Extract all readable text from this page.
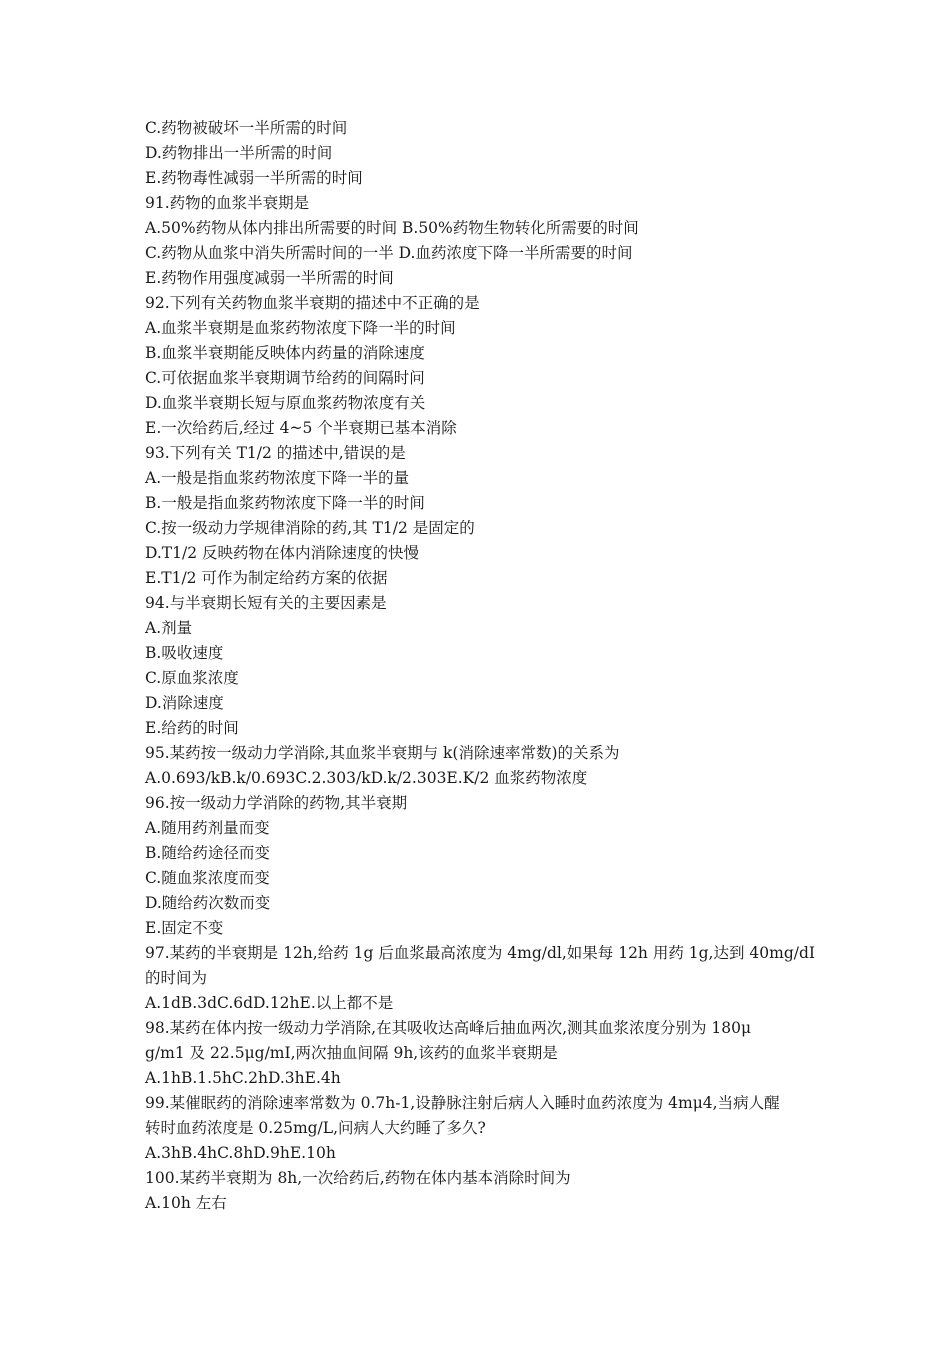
C.药物被破坏一半所需的时间
D.药物排出一半所需的时间
E.药物毒性减弱一半所需的时间
91.药物的血浆半衰期是
A.50%药物从体内排出所需要的时间 B.50%药物生物转化所需要的时间
C.药物从血浆中消失所需时间的一半 D.血药浓度下降一半所需要的时间
E.药物作用强度减弱一半所需的时间
92.下列有关药物血浆半衰期的描述中不正确的是
A.血浆半衰期是血浆药物浓度下降一半的时间
B.血浆半衰期能反映体内药量的消除速度
C.可依据血浆半衰期调节给药的间隔时问
D.血浆半衰期长短与原血浆药物浓度有关
E.一次给药后,经过 4~5 个半衰期已基本消除
93.下列有关 T1/2 的描述中,错误的是
A.一般是指血浆药物浓度下降一半的量
B.一般是指血浆药物浓度下降一半的时间
C.按一级动力学规律消除的药,其 T1/2 是固定的
D.T1/2 反映药物在体内消除速度的快慢
E.T1/2 可作为制定给药方案的依据
94.与半衰期长短有关的主要因素是
A.剂量
B.吸收速度
C.原血浆浓度
D.消除速度
E.给药的时间
95.某药按一级动力学消除,其血浆半衰期与 k(消除速率常数)的关系为
A.0.693/kB.k/0.693C.2.303/kD.k/2.303E.K/2 血浆药物浓度
96.按一级动力学消除的药物,其半衰期
A.随用药剂量而变
B.随给药途径而变
C.随血浆浓度而变
D.随给药次数而变
E.固定不变
97.某药的半衰期是 12h,给药 1g 后血浆最高浓度为 4mg/dl,如果每 12h 用药 1g,达到 40mg/dI
的时间为
A.1dB.3dC.6dD.12hE.以上都不是
98.某药在体内按一级动力学消除,在其吸收达高峰后抽血两次,测其血浆浓度分别为 180μ
g/m1 及 22.5μg/mI,两次抽血间隔 9h,该药的血浆半衰期是
A.1hB.1.5hC.2hD.3hE.4h
99.某催眠药的消除速率常数为 0.7h-1,设静脉注射后病人入睡时血药浓度为 4mμ4,当病人醒
转时血药浓度是 0.25mg/L,问病人大约睡了多久?
A.3hB.4hC.8hD.9hE.10h
100.某药半衰期为 8h,一次给药后,药物在体内基本消除时间为
A.10h 左右
